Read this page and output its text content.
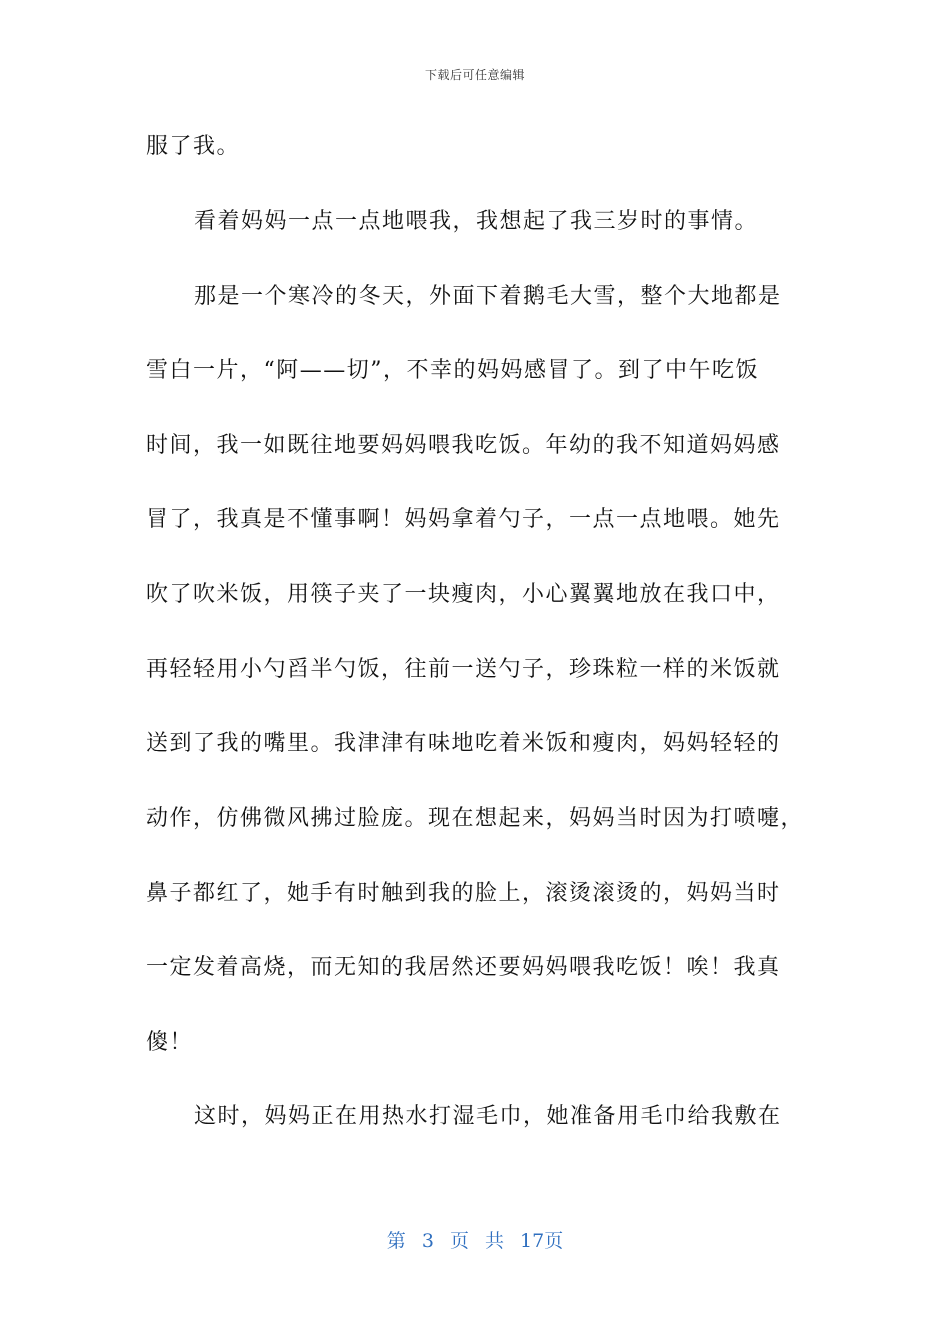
下载后可任意编辑
服了我。
看着妈妈一点一点地喂我，我想起了我三岁时的事情。
那是一个寒冷的冬天，外面下着鹅毛大雪，整个大地都是
雪白一片，“阿——切”，不幸的妈妈感冒了。到了中午吃饭
时间，我一如既往地要妈妈喂我吃饭。年幼的我不知道妈妈感
冒了，我真是不懂事啊！妈妈拿着勺子，一点一点地喂。她先
吹了吹米饭，用筷子夹了一块瘦肉，小心翼翼地放在我口中，
再轻轻用小勺舀半勺饭，往前一送勺子，珍珠粒一样的米饭就
送到了我的嘴里。我津津有味地吃着米饭和瘦肉，妈妈轻轻的
动作，仿佛微风拂过脸庞。现在想起来，妈妈当时因为打喷嚏，
鼻子都红了，她手有时触到我的脸上，滚烫滚烫的，妈妈当时
一定发着高烧，而无知的我居然还要妈妈喂我吃饭！唉！我真
傻！
这时，妈妈正在用热水打湿毛巾，她准备用毛巾给我敷在
第 3 页 共 17页
